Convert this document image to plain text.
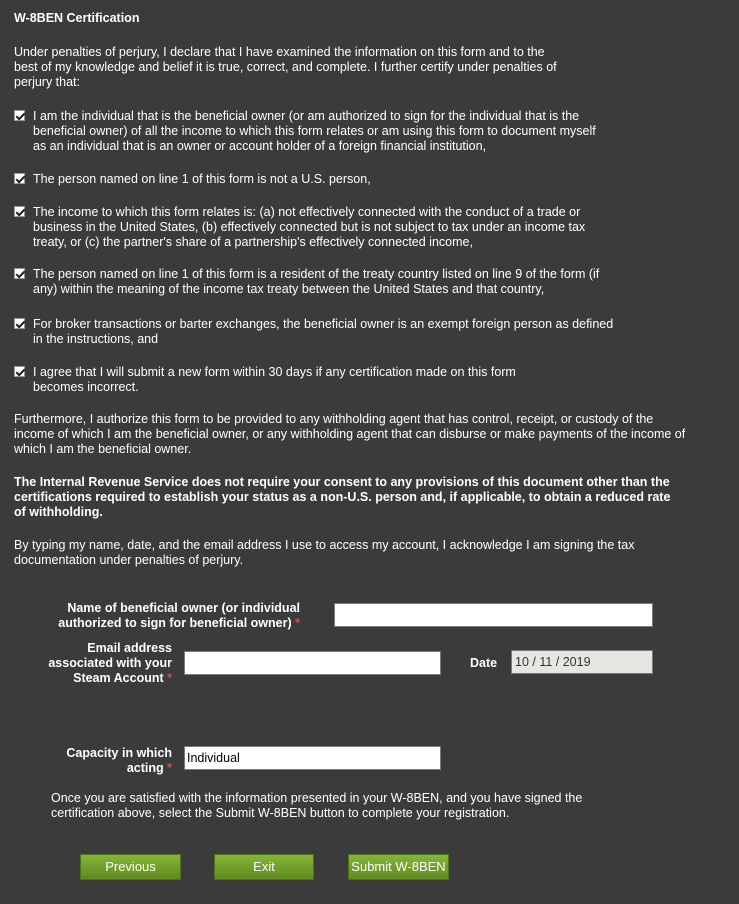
W-8BEN Certification
Under penalties of perjury, I declare that I have examined the information on this form and to the
best of my knowledge and belief it is true, correct, and complete. I further certify under penalties of
perjury that:
I am the individual that is the beneficial owner (or am authorized to sign for the individual that is the
beneficial owner) of all the income to which this form relates or am using this form to document myself
as an individual that is an owner or account holder of a foreign financial institution,
The person named on line 1 of this form is not a U.S. person,
The income to which this form relates is: (a) not effectively connected with the conduct of a trade or
business in the United States, (b) effectively connected but is not subject to tax under an income tax
treaty, or (c) the partner's share of a partnership's effectively connected income,
The person named on line 1 of this form is a resident of the treaty country listed on line 9 of the form (if
any) within the meaning of the income tax treaty between the United States and that country,
For broker transactions or barter exchanges, the beneficial owner is an exempt foreign person as defined
in the instructions, and
I agree that I will submit a new form within 30 days if any certification made on this form
becomes incorrect.
Furthermore, I authorize this form to be provided to any withholding agent that has control, receipt, or custody of the
income of which I am the beneficial owner, or any withholding agent that can disburse or make payments of the income of
which I am the beneficial owner.
The Internal Revenue Service does not require your consent to any provisions of this document other than the
certifications required to establish your status as a non-U.S. person and, if applicable, to obtain a reduced rate
of withholding.
By typing my name, date, and the email address I use to access my account, I acknowledge I am signing the tax
documentation under penalties of perjury.
Name of beneficial owner (or individual
authorized to sign for beneficial owner) *
Email address
associated with your
Steam Account *
Date
10 / 11 / 2019
Capacity in which
acting *
Individual
Once you are satisfied with the information presented in your W-8BEN, and you have signed the
certification above, select the Submit W-8BEN button to complete your registration.
Previous	Exit	Submit W-8BEN
